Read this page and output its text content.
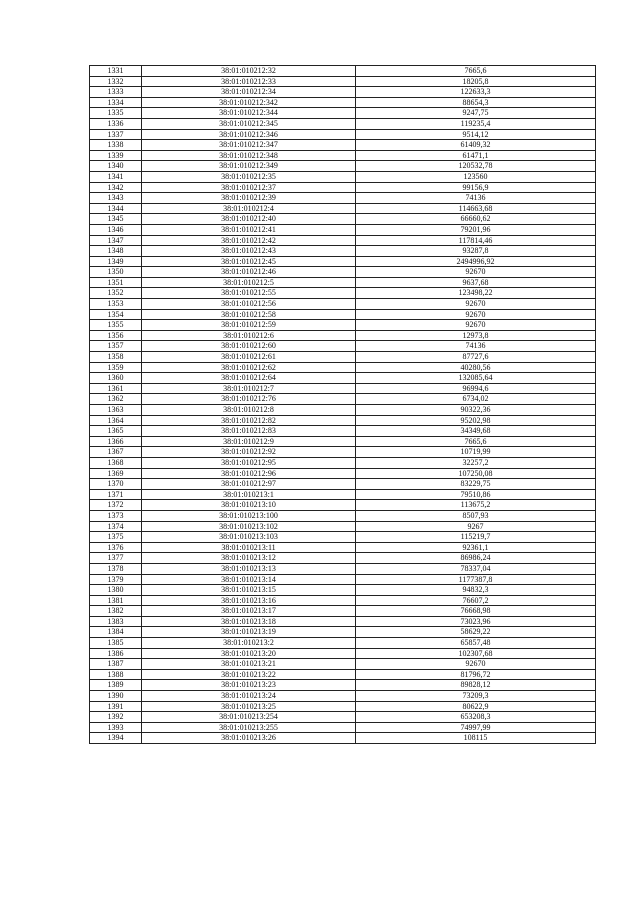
1331	38:01:010212:32	7665,6
1332	38:01:010212:33	18205,8
1333	38:01:010212:34	122633,3
1334	38:01:010212:342	88654,3
1335	38:01:010212:344	9247,75
1336	38:01:010212:345	119235,4
1337	38:01:010212:346	9514,12
1338	38:01:010212:347	61409,32
1339	38:01:010212:348	61471,1
1340	38:01:010212:349	120532,78
1341	38:01:010212:35	123560
1342	38:01:010212:37	99156,9
1343	38:01:010212:39	74136
1344	38:01:010212:4	114663,68
1345	38:01:010212:40	66660,62
1346	38:01:010212:41	79201,96
1347	38:01:010212:42	117814,46
1348	38:01:010212:43	93287,8
1349	38:01:010212:45	2494996,92
1350	38:01:010212:46	92670
1351	38:01:010212:5	9637,68
1352	38:01:010212:55	123498,22
1353	38:01:010212:56	92670
1354	38:01:010212:58	92670
1355	38:01:010212:59	92670
1356	38:01:010212:6	12973,8
1357	38:01:010212:60	74136
1358	38:01:010212:61	87727,6
1359	38:01:010212:62	40280,56
1360	38:01:010212:64	132085,64
1361	38:01:010212:7	96994,6
1362	38:01:010212:76	6734,02
1363	38:01:010212:8	90322,36
1364	38:01:010212:82	95202,98
1365	38:01:010212:83	34349,68
1366	38:01:010212:9	7665,6
1367	38:01:010212:92	10719,99
1368	38:01:010212:95	32257,2
1369	38:01:010212:96	107250,08
1370	38:01:010212:97	83229,75
1371	38:01:010213:1	79510,86
1372	38:01:010213:10	113675,2
1373	38:01:010213:100	8507,93
1374	38:01:010213:102	9267
1375	38:01:010213:103	115219,7
1376	38:01:010213:11	92361,1
1377	38:01:010213:12	86986,24
1378	38:01:010213:13	78337,04
1379	38:01:010213:14	1177387,8
1380	38:01:010213:15	94832,3
1381	38:01:010213:16	76607,2
1382	38:01:010213:17	76668,98
1383	38:01:010213:18	73023,96
1384	38:01:010213:19	58629,22
1385	38:01:010213:2	65857,48
1386	38:01:010213:20	102307,68
1387	38:01:010213:21	92670
1388	38:01:010213:22	81796,72
1389	38:01:010213:23	89828,12
1390	38:01:010213:24	73209,3
1391	38:01:010213:25	80622,9
1392	38:01:010213:254	653208,3
1393	38:01:010213:255	74997,99
1394	38:01:010213:26	108115
